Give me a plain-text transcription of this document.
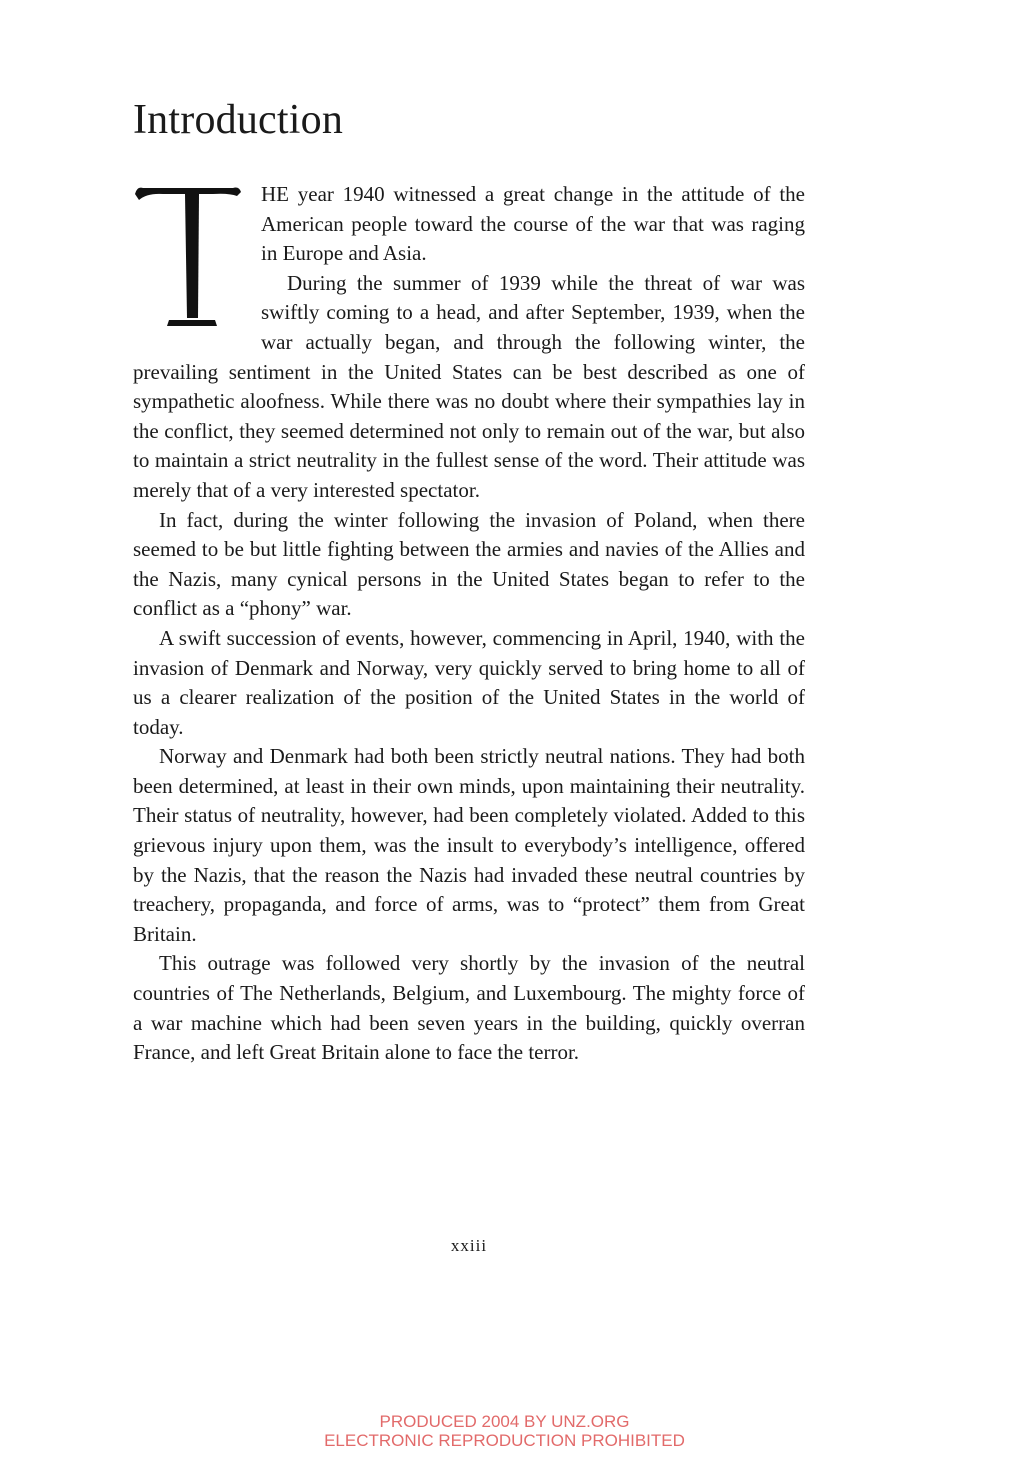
Introduction

HE year 1940 witnessed a great change in the attitude of the American people toward the course of the war that was raging in Europe and Asia.

During the summer of 1939 while the threat of war was swiftly coming to a head, and after September, 1939, when the war actually began, and through the following winter, the prevailing sentiment in the United States can be best described as one of sympathetic aloofness. While there was no doubt where their sympathies lay in the conflict, they seemed determined not only to remain out of the war, but also to maintain a strict neutrality in the fullest sense of the word. Their attitude was merely that of a very interested spectator.

In fact, during the winter following the invasion of Poland, when there seemed to be but little fighting between the armies and navies of the Allies and the Nazis, many cynical persons in the United States began to refer to the conflict as a “phony” war.

A swift succession of events, however, commencing in April, 1940, with the invasion of Denmark and Norway, very quickly served to bring home to all of us a clearer realization of the position of the United States in the world of today.

Norway and Denmark had both been strictly neutral nations. They had both been determined, at least in their own minds, upon maintaining their neutrality. Their status of neutrality, however, had been completely violated. Added to this grievous injury upon them, was the insult to everybody’s intelligence, offered by the Nazis, that the reason the Nazis had invaded these neutral countries by treachery, propaganda, and force of arms, was to “protect” them from Great Britain.

This outrage was followed very shortly by the invasion of the neutral countries of The Netherlands, Belgium, and Luxembourg. The mighty force of a war machine which had been seven years in the building, quickly overran France, and left Great Britain alone to face the terror.

xxiii
PRODUCED 2004 BY UNZ.ORG
ELECTRONIC REPRODUCTION PROHIBITED
